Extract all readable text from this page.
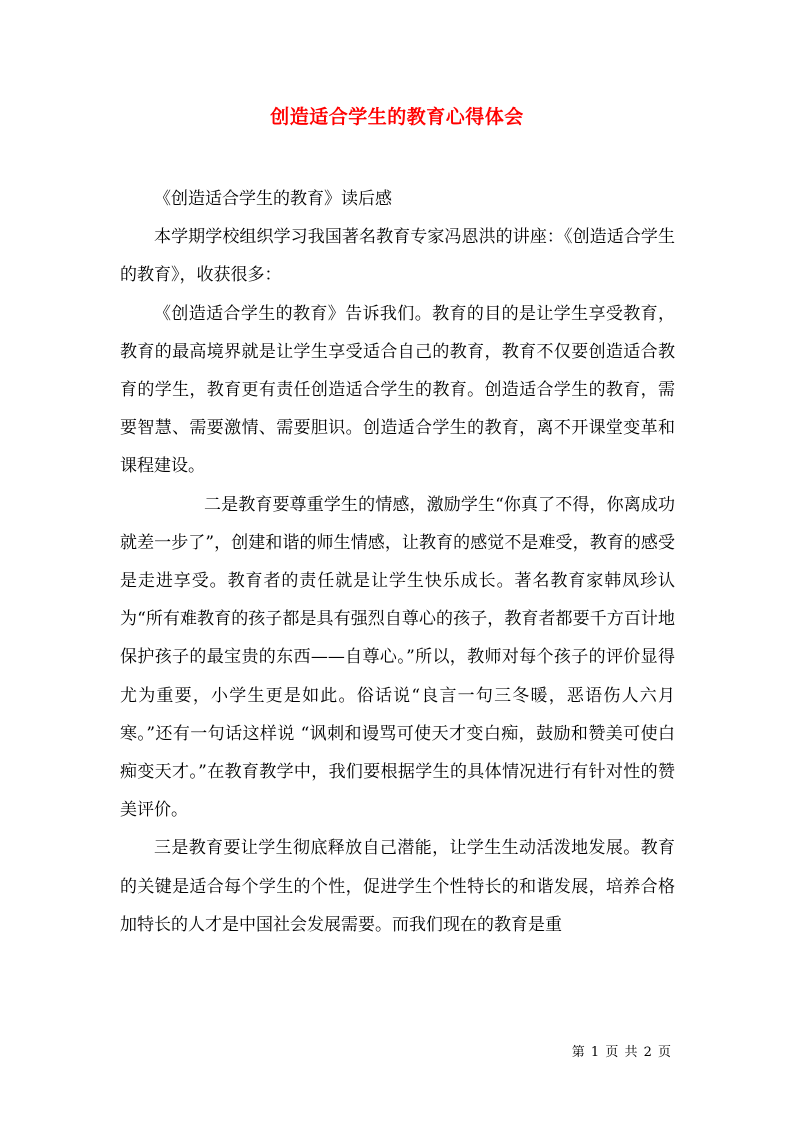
创造适合学生的教育心得体会

《创造适合学生的教育》读后感

本学期学校组织学习我国著名教育专家冯恩洪的讲座：《创造适合学生的教育》，收获很多：

《创造适合学生的教育》告诉我们。教育的目的是让学生享受教育，教育的最高境界就是让学生享受适合自己的教育，教育不仅要创造适合教育的学生，教育更有责任创造适合学生的教育。创造适合学生的教育，需要智慧、需要激情、需要胆识。创造适合学生的教育，离不开课堂变革和课程建设。

二是教育要尊重学生的情感，激励学生“你真了不得，你离成功就差一步了”，创建和谐的师生情感，让教育的感觉不是难受，教育的感受是走进享受。教育者的责任就是让学生快乐成长。著名教育家韩凤珍认为“所有难教育的孩子都是具有强烈自尊心的孩子，教育者都要千方百计地保护孩子的最宝贵的东西——自尊心。”所以，教师对每个孩子的评价显得尤为重要，小学生更是如此。俗话说“良言一句三冬暖，恶语伤人六月寒。”还有一句话这样说 “讽刺和谩骂可使天才变白痴，鼓励和赞美可使白痴变天才。”在教育教学中，我们要根据学生的具体情况进行有针对性的赞美评价。

三是教育要让学生彻底释放自己潜能，让学生生动活泼地发展。教育的关键是适合每个学生的个性，促进学生个性特长的和谐发展，培养合格加特长的人才是中国社会发展需要。而我们现在的教育是重

第 1 页 共 2 页
